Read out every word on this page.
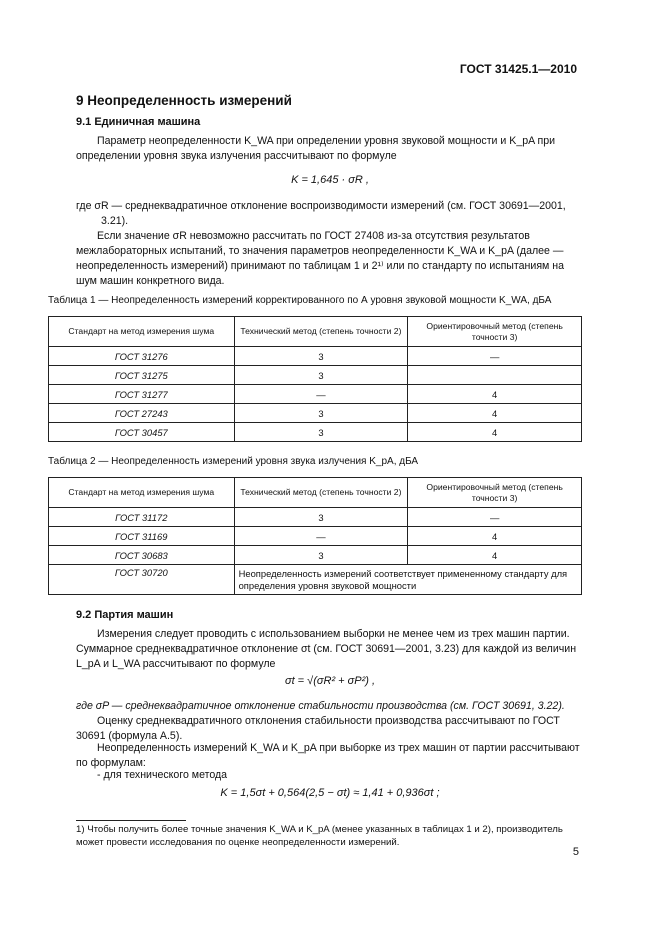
ГОСТ 31425.1—2010
9 Неопределенность измерений
9.1 Единичная машина
Параметр неопределенности K_WA при определении уровня звуковой мощности и K_pA при определении уровня звука излучения рассчитывают по формуле
K = 1,645 · σR ,
где σR — среднеквадратичное отклонение воспроизводимости измерений (см. ГОСТ 30691—2001, 3.21).
Если значение σR невозможно рассчитать по ГОСТ 27408 из-за отсутствия результатов межлабораторных испытаний, то значения параметров неопределенности K_WA и K_pA (далее — неопределенность измерений) принимают по таблицам 1 и 2¹⁾ или по стандарту по испытаниям на шум машин конкретного вида.
Таблица 1 — Неопределенность измерений корректированного по А уровня звуковой мощности K_WA, дБА
Стандарт на метод измерения шума	Технический метод (степень точности 2)	Ориентировочный метод (степень точности 3)
ГОСТ 31276	3	—
ГОСТ 31275	3	
ГОСТ 31277	—	4
ГОСТ 27243	3	4
ГОСТ 30457	3	4
Таблица 2 — Неопределенность измерений уровня звука излучения K_pA, дБА
Стандарт на метод измерения шума	Технический метод (степень точности 2)	Ориентировочный метод (степень точности 3)
ГОСТ 31172	3	—
ГОСТ 31169	—	4
ГОСТ 30683	3	4
ГОСТ 30720	Неопределенность измерений соответствует примененному стандарту для определения уровня звуковой мощности	
9.2 Партия машин
Измерения следует проводить с использованием выборки не менее чем из трех машин партии. Суммарное среднеквадратичное отклонение σt (см. ГОСТ 30691—2001, 3.23) для каждой из величин L_pA и L_WA рассчитывают по формуле
σt = √(σR² + σP²) ,
где σP — среднеквадратичное отклонение стабильности производства (см. ГОСТ 30691, 3.22).
Оценку среднеквадратичного отклонения стабильности производства рассчитывают по ГОСТ 30691 (формула А.5).
Неопределенность измерений K_WA и K_pA при выборке из трех машин от партии рассчитывают по формулам:
- для технического метода
K = 1,5σt + 0,564(2,5 − σt) ≈ 1,41 + 0,936σt ;
1) Чтобы получить более точные значения K_WA и K_pA (менее указанных в таблицах 1 и 2), производитель может провести исследования по оценке неопределенности измерений.
5
